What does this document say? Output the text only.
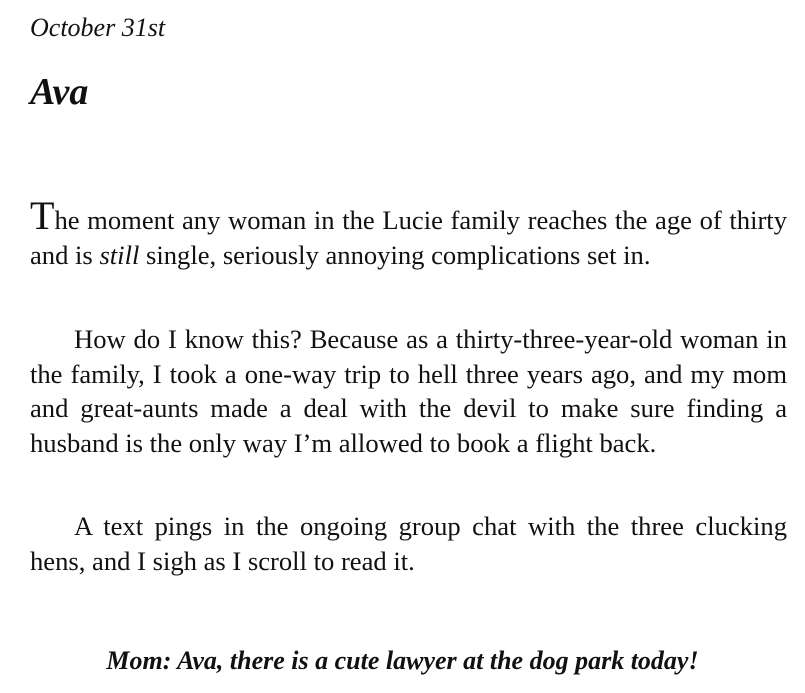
October 31st
Ava

The moment any woman in the Lucie family reaches the age of thirty and is still single, seriously annoying complications set in.

How do I know this? Because as a thirty-three-year-old woman in the family, I took a one-way trip to hell three years ago, and my mom and great-aunts made a deal with the devil to make sure finding a husband is the only way I’m allowed to book a flight back.

A text pings in the ongoing group chat with the three clucking hens, and I sigh as I scroll to read it.

Mom: Ava, there is a cute lawyer at the dog park today!
